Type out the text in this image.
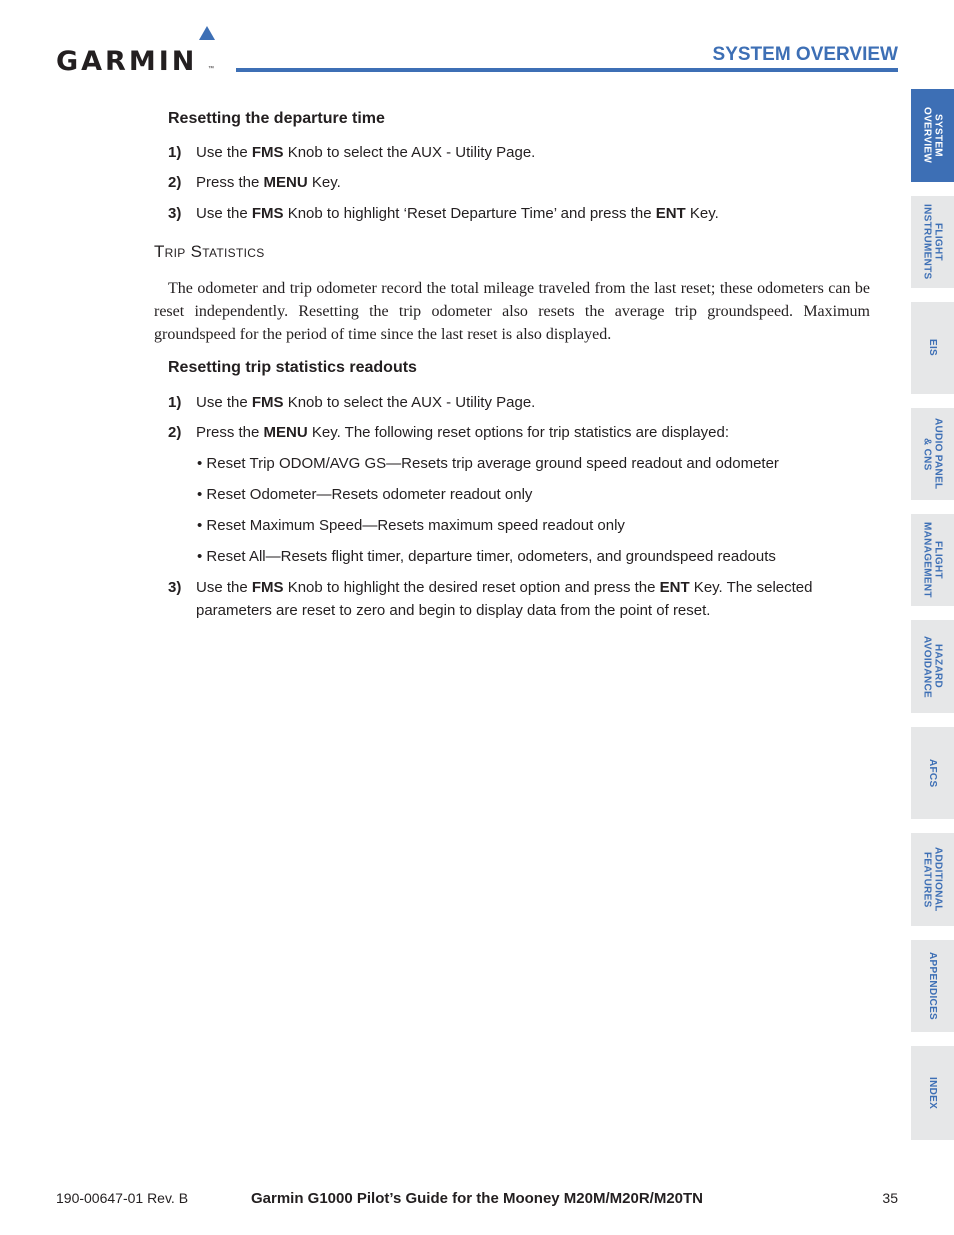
GARMIN ™
SYSTEM OVERVIEW
Resetting the departure time
1) Use the FMS Knob to select the AUX - Utility Page.
2) Press the MENU Key.
3) Use the FMS Knob to highlight ‘Reset Departure Time’ and press the ENT Key.
Trip Statistics
The odometer and trip odometer record the total mileage traveled from the last reset; these odometers can be reset independently. Resetting the trip odometer also resets the average trip groundspeed. Maximum groundspeed for the period of time since the last reset is also displayed.
Resetting trip statistics readouts
1) Use the FMS Knob to select the AUX - Utility Page.
2) Press the MENU Key. The following reset options for trip statistics are displayed:
• Reset Trip ODOM/AVG GS—Resets trip average ground speed readout and odometer
• Reset Odometer—Resets odometer readout only
• Reset Maximum Speed—Resets maximum speed readout only
• Reset All—Resets flight timer, departure timer, odometers, and groundspeed readouts
3) Use the FMS Knob to highlight the desired reset option and press the ENT Key. The selected parameters are reset to zero and begin to display data from the point of reset.
SYSTEM
OVERVIEW
FLIGHT
INSTRUMENTS
EIS
AUDIO PANEL
& CNS
FLIGHT
MANAGEMENT
HAZARD
AVOIDANCE
AFCS
ADDITIONAL
FEATURES
APPENDICES
INDEX
190-00647-01 Rev. B	Garmin G1000 Pilot’s Guide for the Mooney M20M/M20R/M20TN	35
